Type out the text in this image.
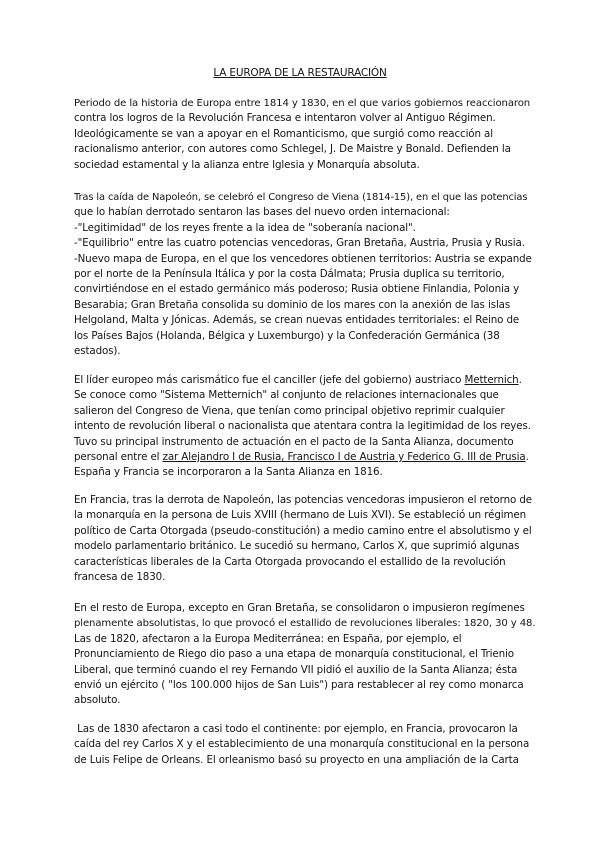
LA EUROPA DE LA RESTAURACIÓN
Periodo de la historia de Europa entre 1814 y 1830, en el que varios gobiernos reaccionaron
contra los logros de la Revolución Francesa e intentaron volver al Antiguo Régimen.
Ideológicamente se van a apoyar en el Romanticismo, que surgió como reacción al
racionalismo anterior, con autores como Schlegel, J. De Maistre y Bonald. Defienden la
sociedad estamental y la alianza entre Iglesia y Monarquía absoluta.
Tras la caída de Napoleón, se celebró el Congreso de Viena (1814-15), en el que las potencias
que lo habían derrotado sentaron las bases del nuevo orden internacional:
-"Legitimidad" de los reyes frente a la idea de "soberanía nacional".
-"Equilibrio" entre las cuatro potencias vencedoras, Gran Bretaña, Austria, Prusia y Rusia.
-Nuevo mapa de Europa, en el que los vencedores obtienen territorios: Austria se expande
por el norte de la Península Itálica y por la costa Dálmata; Prusia duplica su territorio,
convirtiéndose en el estado germánico más poderoso; Rusia obtiene Finlandia, Polonia y
Besarabia; Gran Bretaña consolida su dominio de los mares con la anexión de las islas
Helgoland, Malta y Jónicas. Además, se crean nuevas entidades territoriales: el Reino de
los Países Bajos (Holanda, Bélgica y Luxemburgo) y la Confederación Germánica (38
estados).
El líder europeo más carismático fue el canciller (jefe del gobierno) austriaco Metternich.
Se conoce como "Sistema Metternich" al conjunto de relaciones internacionales que
salieron del Congreso de Viena, que tenían como principal objetivo reprimir cualquier
intento de revolución liberal o nacionalista que atentara contra la legitimidad de los reyes.
Tuvo su principal instrumento de actuación en el pacto de la Santa Alianza, documento
personal entre el zar Alejandro I de Rusia, Francisco I de Austria y Federico G. III de Prusia.
España y Francia se incorporaron a la Santa Alianza en 1816.
En Francia, tras la derrota de Napoleón, las potencias vencedoras impusieron el retorno de
la monarquía en la persona de Luis XVIII (hermano de Luis XVI). Se estableció un régimen
político de Carta Otorgada (pseudo-constitución) a medio camino entre el absolutismo y el
modelo parlamentario británico. Le sucedió su hermano, Carlos X, que suprimió algunas
características liberales de la Carta Otorgada provocando el estallido de la revolución
francesa de 1830.
En el resto de Europa, excepto en Gran Bretaña, se consolidaron o impusieron regímenes
plenamente absolutistas, lo que provocó el estallido de revoluciones liberales: 1820, 30 y 48.
Las de 1820, afectaron a la Europa Mediterránea: en España, por ejemplo, el
Pronunciamiento de Riego dio paso a una etapa de monarquía constitucional, el Trienio
Liberal, que terminó cuando el rey Fernando VII pidió el auxilio de la Santa Alianza; ésta
envió un ejército ( "los 100.000 hijos de San Luis") para restablecer al rey como monarca
absoluto.
Las de 1830 afectaron a casi todo el continente: por ejemplo, en Francia, provocaron la
caída del rey Carlos X y el establecimiento de una monarquía constitucional en la persona
de Luis Felipe de Orleans. El orleanismo basó su proyecto en una ampliación de la Carta
